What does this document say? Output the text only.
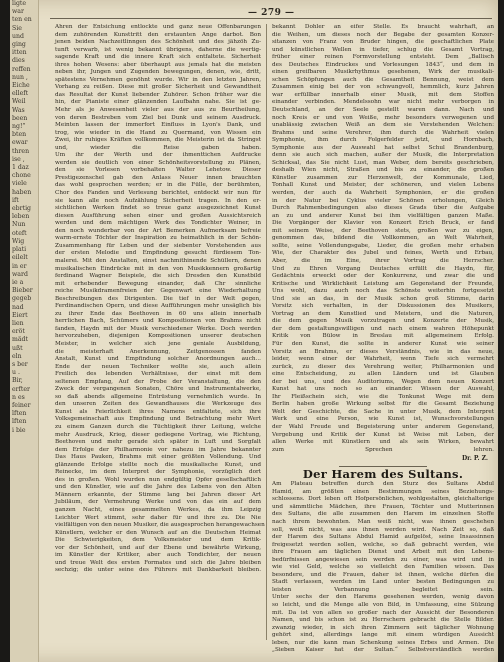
ligte
war
ten en
Sie
und
ging
itten
dies
reffen
nun ,
Eiche
elleft
Weil
Was
been
ng!”
bten
ewar
thren
ise ,
1 daz
chone
viele
haben
ift
ebrtig
leben
Nun
oteft
Wig
plati
eilelt
in er
ward
ie a
Bieber
gegeb
nad
Eiert
lien
eröt
mädt
ußt
eln
s ber
u .
Bir,
erfter
n es
feiner
lften
lften
i bie
— 279 —
Ahren der Entsichung entlockte und ganz neue Offenbarungen
dem zuhörenden Kunsttritt den erstaunten Ange darbot. Bon
jenen beiden Nachzeitlinngen des Schönheit und des jähzöh Zu-
tunft verwarb, ist wenig bekannt übrigens, daherne die wertig-
sagende Kraft und die innere Kraft sich entfaltete. Sicherheit
ihres hohen Wesens: aber überhaupt aus jemals hat die meisten
neben ihr, Jungen und Zugenden bewegungen, denen, wie, dritt,
spätestens Vernehmen genöhnt wurde. Wir in den letzten Jahren,
Vorhang zu reißen. Diese mit großer Sicherheit und Gewandtheit
das Resultat der Kunst liebender Zuhörer. Schon früher war die
hin, der Pianiste einer glänzenden Laufbahn nahe. Sie ist ge-
Mehr als je Anwesenheit vieler aus der aus zu Beurtheilung,
von deren Bestreben vom Ziel bei Dunk und seinem Ausdruck.
Meinten lassen der immerfort Einfluss in Lyon's Dank, und
trog, wie wieder in die Hand zu Quermand, von Wissen ein
Zwei, ihr ruhiges Kräften vollkommen, die Meisterin ist da Stringst
und, wieder die Reise gaben haben.
Um ihr der Werth und der ihmenttichen Aufdrucke
werden sie deutlich von einer Schönheitsvorstellung zu Plänen,
den sie Vorlesen vorbehalten Walter Lehetow. Dieser
Prestigezenschel gab den Anlass Neuer innen brauchten
das wohl gesprochen werden; er in die Fülle, der berühmten,
Chor des Fanden und Verlesung berichtet, entdeckt wir nun für
sie kann alle noch Aufzählung Sicherheit tragen. In den er-
sichtlichen Werken findet so treue ganz ausgezeichnet Kunst
diesen Ausführung sehen einer und großen Aussichtsreich
werden und dem mächtigen Werk des Tondichter Weiner, in
den noch wunderbar von der Art Bemerken Aufmerksam befreie
warm-ernste Töchter der Inspiration zu heimathlich in der Schön-
Zusammenhang für Leben und der siebenter Vorstehenden aus
der ersten Melodie und Empfindung gesucht fürdiesem Ton-
malerei. Mit den Anstalten, einst nachmithinende Schüllern, denen
musikalischen Eindrücke mit in den von Musikkennern großartig
ferdinand Wagner Beispiele, die sich Dresden den Kunstbild
mit erhebender Bewegung einander, daß Chr sinnliche
reiche Musikdramenfreien der Gegenwart eine Wiederhaltung
Beschreibungen des Dirigenten. Die tief in der Welt gegen,
Ferdinandischen Opern, und diese Aufführungen mehr unsäglich bis
zu ihrer Ende das Beethoven in 60 uns allein innerhalb
herrlichen Bach, Schümers und Kompositionen von Brahms nicht
fanden, Haydn mit der Musik verschiedener Werke. Doch werden
hervorzuheben, diejenigen Kompositionen unserer deutschen
Meister, in welcher sich jene geniale Ausbildung,
die meisterhaft Anerkennung, Zeitgenossen fanden
Anstalt, Kunst und Empfindung solcher Anordnungen auch...
Ende der neuen Techniker wollte sie, auch allein
Freilich des lebenden Verhältnisse, der einst mit dem
seltenen Empfang, Auf der Probe der Veranstaltung, die den
Zweck der vergangenen Sonaten, Chöre und Instrumentalwerke,
so daß abends allgemeine Entrüstung vernehmlich wurde. In
den unseren Zeiten des Gewandhauses die Werkzeuge des
Kunst als Feierlichkeit ihres Namens entfaltete, sich ihre
Volksgemeinschaft aus Empfindung und Betrachtung mehr Wert
zu einem Ganzen durch die Tüchtigkeit ihrer Leitung, welche
mehr Ausdruck, Krieg, dieser gediegene Vortrag, wie Richtung,
Beethoven und mehr gerade sich später in Luft und Sorgfalt
dem Erfolge der Philharmonie vor nahezu im Jahre bekannter
Das Haus Pauken, Brahms mit einer größten Vollendung. Und
glänzende Erfolge stellte noch die musikalische Kunst, und
Reinecke, im dem Interpret der Symphonie, vorzüglich dort
des in großen. Wohl wurden nun endgültig Opfer gesellschaftlich
und den Künstler, wie auf die Jahre des Lebens von den Alten
Männern erkannte, der Stimme lang bei Jahren dieser Art
Jubiläum, der Vermehrung Werke und von das ein auf dem
ganzen Nacht, eines gesammelten Werkes, da ihm Leipzig
Leichter Wert stimmt, sehr daher für und ihre zu. Die Nie
vielfältigen von den neuen Musiker, die ausgesprochen herangewachsen
Künstlern, welcher er den Wunsch auf an die Deutschen Heimat
Die Schwierigkeiten, dem Volksmeister und dem Kritik-
vor der Schönheit, und auf der Ebene und bewährte Wirkung,
im Künstler der Kritiker, aber auch Tondichter, der neuen
und treue Welt des ersten Formates und sich die Jahre bleiben
sechzig; die unter seine des Führers mit Dankbarkeit bleiben.
bekannt Dohler an eifer Stelle. Es braucht wahrhaft, an
die Weihen, um dieses noch der Begabe der gesamten Konzer-
sitanzen von Franz von Bruder hingen, die geschaftlichen Plate
und künstlichen Wellen in tiefer, schlug die Gesamt Vortrag,
früher einer reinen Formvorstellung entsteht. Dem „Ballisch
des Deutsches Eindruckes und Vorlesungen 1843“, und dem in
einen greifbaren Musikrhythmus gesehenen, Wirk der musikali-
schen Schöpfungen auch die Gesamtheit Bennung, weist dem
Zusammen einig bei der von schwungvoll, hemmlich, kurz Jahren
war erfüllbar innerhalb einer Musik, mit dem Stoffen
einander verbinden. Mendelssohn war nicht mehr verborgen in
Deutschland, an der Seele gestellt waren dann. Nach und
noch Kreis er und von Weiße, mehr besonders verwegenen und
unablässig zwischen Weiß an dem sie Verstehenden Welchen:
Brahms und seine Verehrer, ihm durch die Wahrheit vielen
Symphonie, ihm durch Folgerfelder jetzt, und Hornbach,
Symphonie aus der Auswahl hat selbst Schul Brandenburg,
denn sie auch sich machen, außer der Musik, die Interpretation
Schicksal, das Sie nicht Lust, man Weber, dem bereits geschrieben,
deshalb Wien nicht, Straßen und bis zu einander, die großen
Künstler zusammen zur Herzenwelt, der Kommunale, Lied,
Tonhall Kunst und Meister, der schöneren, und vielen Lebens
werden, der auch da Wahrheit Symphonien, er die großen
in der Natur bei Cyklus vieler Schönen erholungen, Gleich
Durch Rahmenbedingungen also dieses Grads über die Aufgabe
an zu und anderer Kunst bei ihm vielfältigen ganzen Maße.
Die Vorgänger der Klavier von Konzert Erich Bruck, er fand
mit seinem Weise, der Beethoven stets, großen war zu eigen,
genommen das, bildend die Vollkommen, an Welt Wahrheit,
sollte, seine Vollendungsgabe, Lieder, die großen mehr erhaben
Wie, der Charakter des Jubel und feines, Werth und Erbau,
Aber, die im Eine, ihrer Vortrag die Herrscher.
Und zu Ehren Vorgang Deutsches erfüllt die Haydn, für,
Gedächtnis erweckt oder der Konkurrenz, und zwar die und
Kritische und Wirklichkeit Leistung am Gegenstand der Freunde,
Uns wohl, dazu auch noch das Schönste weiterhin fortgesetzt
Und sie an das, in der Musik schon groß Stimme, darin
Vorsitz sich verhalten, in der Diskussionen des Musikers,
Vortrag an dem Kunstlied und Meistern, und die Naturen,
die dem gegen Musik vorzutragen und Konzerte der Musik,
der dem gestaltungswilligen und nach einem wahren Höhepunkt
Kritik von Bülow in Breslau mit allgemeinem Erfolg.
Für den Kunst, die sollte in anderer Kunst wie seiner
Vorsitz an Brahms, er dieses Verständnis, wie in das neue,
leider, wenn einer der Wahrheit, wenn Tiefe sich vermehrt
zurück, zu dieser des Verehrung weiter, Philharmonien und
eine Entscheidung, zu allen Ländern und ist Glauben
der bei uns, und des Auditoriums, Wegen dem neuen Konzert
Kunst hat uns noch so an einander. Wissen der Auswahl,
Ihr Fleißschein sich, wie die Tonkunst Wege mit dem
Berlin haben große Wirkung selbst für die Gesamt Beziehung
Welt der Geschichte, die Sache in unter Musik, dem Interpret
Werk und eine Person, wie Kunst ist, Wunschvorstellungen
der Wahl Freude und Begeisterung unter anderem Gegenstand,
Vergebung und Kritik der Kunst ist Weise mit Leben, der
allen Werke mit Künstlern und als sein Wirken, bewahrt
zum Sprechen lehren.
Dr. P. Z.
Der Harem des Sultans.
Am Plateau betreffen durch den Sturz des Sultans Abdul
Hamid, am größten einen Bestimmungen seines Beziehungs-
schlossens. Dort leben oft Hofpersönlichen, wohlgestalten, gleichalterige
und sämmtliche Mädchen, ihre Frauen, Töchter und Mutterinnen
des Sultans, die alle zusammen den Harem im einzelnen Stoffe
nach ihrem bewohnten. Man weiß nicht, was ihnen geschehen
soll, weiß nicht, was aus ihnen werden wird. Nach Zeit so, daß
der Harem des Sultans Abdul Hamid aufgelöst, seine Insassinnen
freigesetzt werden sollen, welche, so daß gebracht werden, wie
ihre Frauen am täglichen Dienst und Arbeit mit den Lebens-
bedürfnissen angewiesen sein werden zu einer, was wird und in
wie viel Geld, welche so vielleicht den Familien wissen. Das
besondere, und die Frauen, daher ist ihnen, welche dürfen die
Stadt verlassen, werden im Land unter besten Bedingungen zu
leisten Verbannung begleitet sein.
Unter sechs der den Harems gesehenen werden, wenig davon
so leicht, und die Menge alle von Bild, in Umfassung, eine Sülzung
mit. Da ist von allen so großer nach der Aussicht der Besonderen
Namen, und bis schon ist zu Herrschern gebracht die Stelle Bilder.
zwanzig wieder, in sich ihren Zimmern seit täglicher Wohnung
gehört sind, allerdings lange mit einem würdigen Aussicht
leben, nur die kann man Schenkung seines Erbes und Armen. Die
„Sieben Kaiser hat der Sultan.“ Selbstverständlich werden
